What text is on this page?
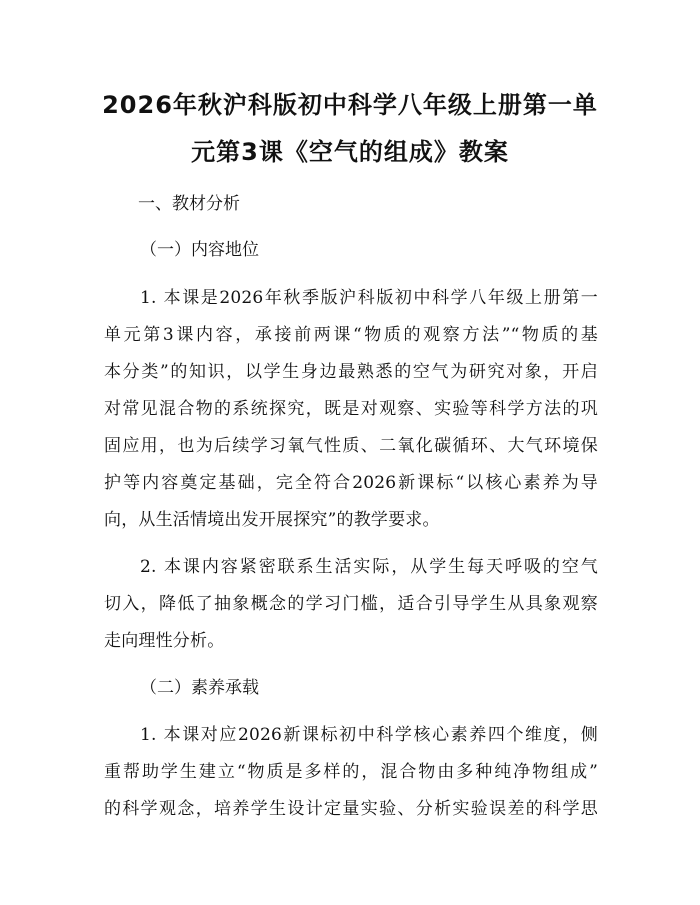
2026年秋沪科版初中科学八年级上册第一单
元第3课《空气的组成》教案
一、教材分析
（一）内容地位
1. 本课是2026年秋季版沪科版初中科学八年级上册第一
单元第3课内容，承接前两课“物质的观察方法”“物质的基
本分类”的知识，以学生身边最熟悉的空气为研究对象，开启
对常见混合物的系统探究，既是对观察、实验等科学方法的巩
固应用，也为后续学习氧气性质、二氧化碳循环、大气环境保
护等内容奠定基础，完全符合2026新课标“以核心素养为导
向，从生活情境出发开展探究”的教学要求。
2. 本课内容紧密联系生活实际，从学生每天呼吸的空气
切入，降低了抽象概念的学习门槛，适合引导学生从具象观察
走向理性分析。
（二）素养承载
1. 本课对应2026新课标初中科学核心素养四个维度，侧
重帮助学生建立“物质是多样的，混合物由多种纯净物组成”
的科学观念，培养学生设计定量实验、分析实验误差的科学思
